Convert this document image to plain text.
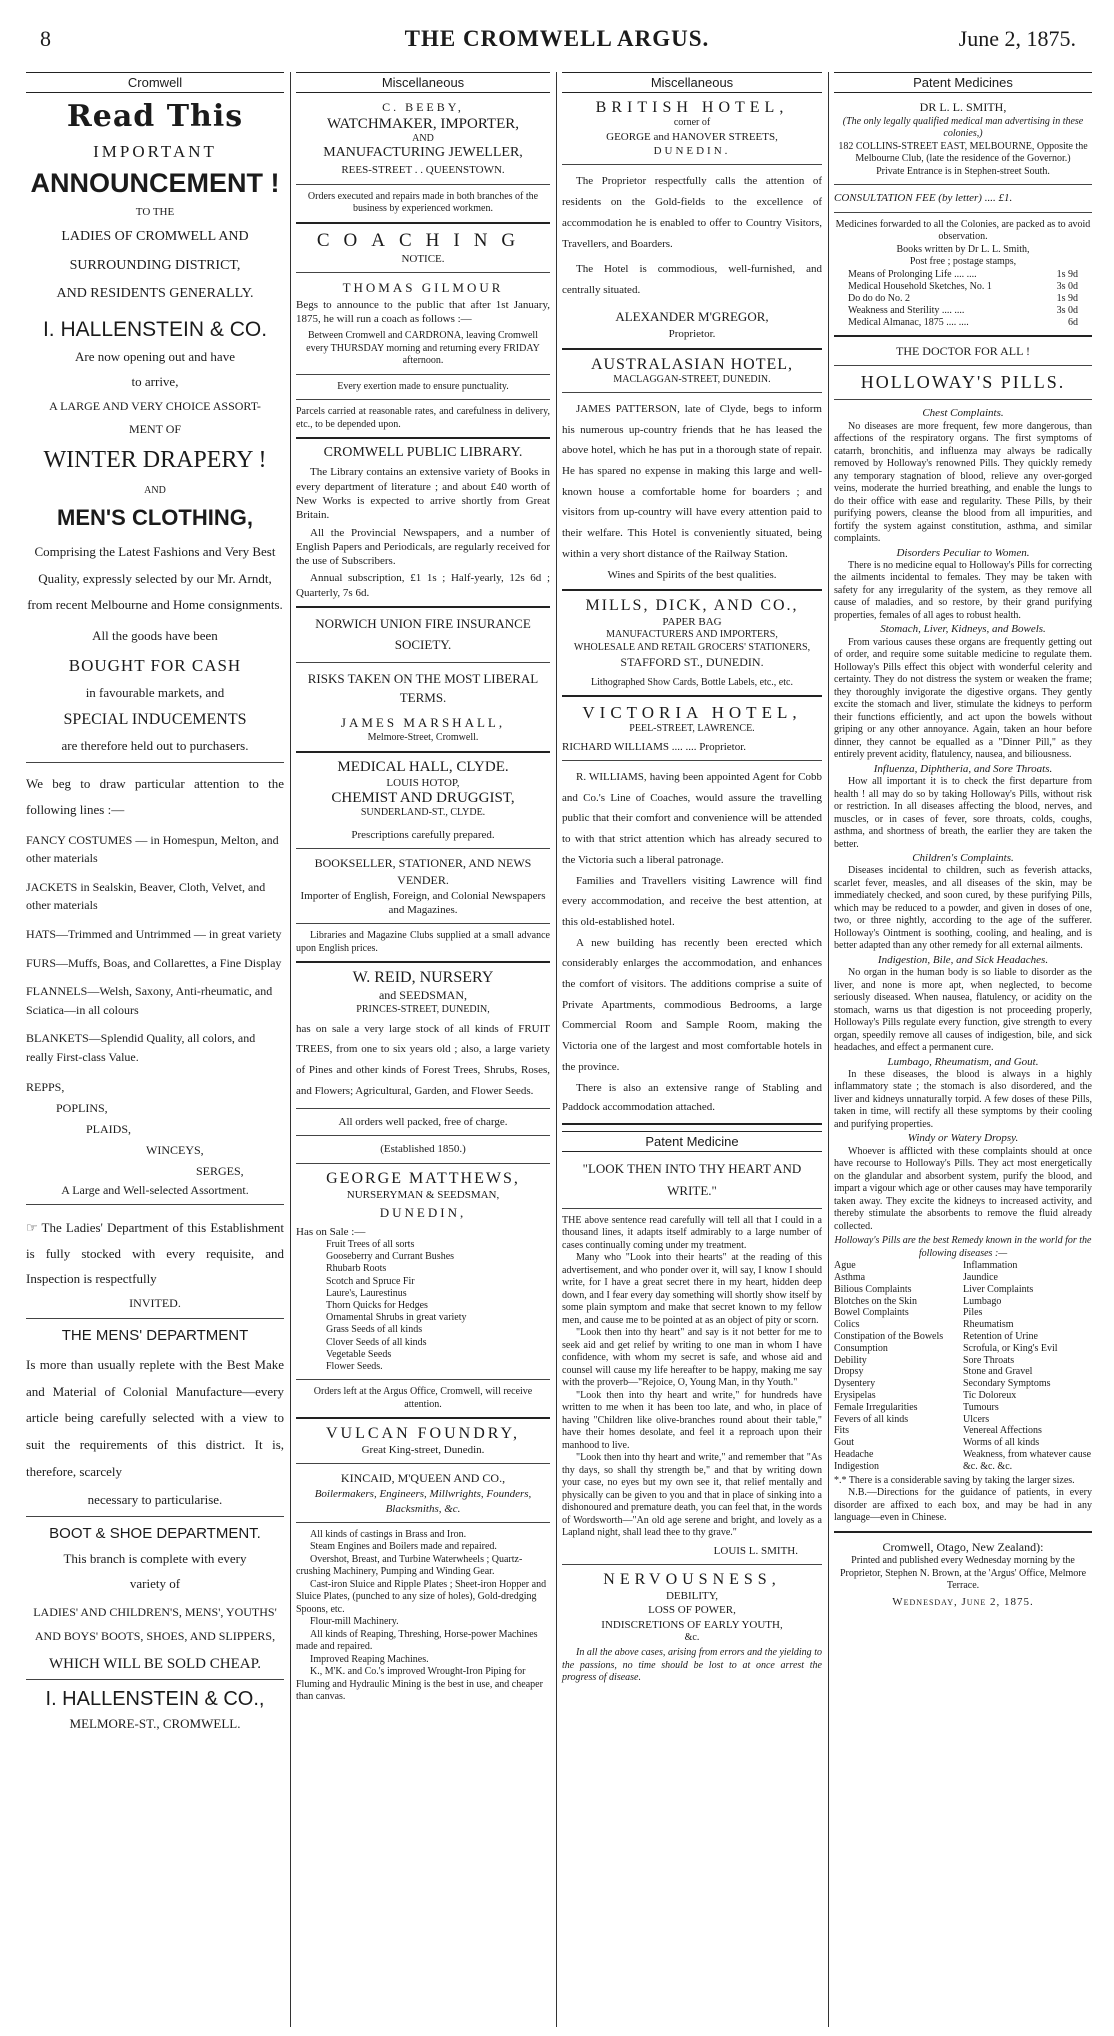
8	THE CROMWELL ARGUS.	June 2, 1875.
Cromwell
Read This
IMPORTANT
ANNOUNCEMENT !
TO THE
LADIES OF CROMWELL AND
SURROUNDING DISTRICT,
AND RESIDENTS GENERALLY.
I. HALLENSTEIN & CO.
Are now opening out and have
to arrive,
A LARGE AND VERY CHOICE ASSORT-
MENT OF
WINTER DRAPERY !
AND
MEN'S CLOTHING,
Comprising the Latest Fashions and Very Best Quality, expressly selected by our Mr. Arndt, from recent Melbourne and Home consignments.
All the goods have been
BOUGHT FOR CASH
in favourable markets, and
SPECIAL INDUCEMENTS
are therefore held out to purchasers.
We beg to draw particular attention to the following lines :—
FANCY COSTUMES — in Homespun, Melton, and other materials
JACKETS in Sealskin, Beaver, Cloth, Velvet, and other materials
HATS—Trimmed and Untrimmed — in great variety
FURS—Muffs, Boas, and Collarettes, a Fine Display
FLANNELS—Welsh, Saxony, Anti-rheumatic, and Sciatica—in all colours
BLANKETS—Splendid Quality, all colors, and really First-class Value.
REPPS,
POPLINS,
PLAIDS,
WINCEYS,
SERGES,
A Large and Well-selected Assortment.
☞ The Ladies' Department of this Establishment is fully stocked with every requisite, and Inspection is respectfully
INVITED.
THE MENS' DEPARTMENT
Is more than usually replete with the Best Make and Material of Colonial Manufacture—every article being carefully selected with a view to suit the requirements of this district. It is, therefore, scarcely
necessary to particularise.
BOOT & SHOE DEPARTMENT.
This branch is complete with every
variety of
LADIES' AND CHILDREN'S, MENS', YOUTHS' AND BOYS' BOOTS, SHOES, AND SLIPPERS,
WHICH WILL BE SOLD CHEAP.
I. HALLENSTEIN & CO.,
MELMORE-ST., CROMWELL.
Miscellaneous
C. BEEBY,
WATCHMAKER, IMPORTER,
AND
MANUFACTURING JEWELLER,
REES-STREET . . QUEENSTOWN.
Orders executed and repairs made in both branches of the business by experienced workmen.
COACHING
NOTICE.
THOMAS GILMOUR
Begs to announce to the public that after 1st January, 1875, he will run a coach as follows :—
Between Cromwell and CARDRONA, leaving Cromwell every THURSDAY morning and returning every FRIDAY afternoon.
Every exertion made to ensure punctuality.
Parcels carried at reasonable rates, and carefulness in delivery, etc., to be depended upon.
CROMWELL PUBLIC LIBRARY.
The Library contains an extensive variety of Books in every department of literature ; and about £40 worth of New Works is expected to arrive shortly from Great Britain.
All the Provincial Newspapers, and a number of English Papers and Periodicals, are regularly received for the use of Subscribers.
Annual subscription, £1 1s ; Half-yearly, 12s 6d ; Quarterly, 7s 6d.
NORWICH UNION FIRE INSURANCE SOCIETY.
RISKS TAKEN ON THE MOST LIBERAL TERMS.
JAMES MARSHALL,
Melmore-Street, Cromwell.
MEDICAL HALL, CLYDE.
LOUIS HOTOP,
CHEMIST AND DRUGGIST,
SUNDERLAND-ST., CLYDE.
Prescriptions carefully prepared.
BOOKSELLER, STATIONER, AND NEWS VENDER.
Importer of English, Foreign, and Colonial Newspapers and Magazines.
Libraries and Magazine Clubs supplied at a small advance upon English prices.
W. REID, NURSERY
and SEEDSMAN,
PRINCES-STREET, DUNEDIN,
has on sale a very large stock of all kinds of FRUIT TREES, from one to six years old ; also, a large variety of Pines and other kinds of Forest Trees, Shrubs, Roses, and Flowers; Agricultural, Garden, and Flower Seeds.
All orders well packed, free of charge.
(Established 1850.)
GEORGE MATTHEWS,
NURSERYMAN & SEEDSMAN,
DUNEDIN,
Has on Sale :—
Fruit Trees of all sorts
Gooseberry and Currant Bushes
Rhubarb Roots
Scotch and Spruce Fir
Laure's, Laurestinus
Thorn Quicks for Hedges
Ornamental Shrubs in great variety
Grass Seeds of all kinds
Clover Seeds of all kinds
Vegetable Seeds
Flower Seeds.
Orders left at the Argus Office, Cromwell, will receive attention.
VULCAN FOUNDRY,
Great King-street, Dunedin.
KINCAID, M'QUEEN AND CO.,
Boilermakers, Engineers, Millwrights, Founders, Blacksmiths, &c.
All kinds of castings in Brass and Iron.
Steam Engines and Boilers made and repaired.
Overshot, Breast, and Turbine Waterwheels ; Quartz-crushing Machinery, Pumping and Winding Gear.
Cast-iron Sluice and Ripple Plates ; Sheet-iron Hopper and Sluice Plates, (punched to any size of holes), Gold-dredging Spoons, etc.
Flour-mill Machinery.
All kinds of Reaping, Threshing, Horse-power Machines made and repaired.
Improved Reaping Machines.
K., M'K. and Co.'s improved Wrought-Iron Piping for Fluming and Hydraulic Mining is the best in use, and cheaper than canvas.
Miscellaneous
BRITISH HOTEL,
corner of
GEORGE and HANOVER STREETS,
DUNEDIN.
The Proprietor respectfully calls the attention of residents on the Gold-fields to the excellence of accommodation he is enabled to offer to Country Visitors, Travellers, and Boarders.
The Hotel is commodious, well-furnished, and centrally situated.
ALEXANDER M'GREGOR,
Proprietor.
AUSTRALASIAN HOTEL,
MACLAGGAN-STREET, DUNEDIN.
JAMES PATTERSON, late of Clyde, begs to inform his numerous up-country friends that he has leased the above hotel, which he has put in a thorough state of repair. He has spared no expense in making this large and well-known house a comfortable home for boarders ; and visitors from up-country will have every attention paid to their welfare. This Hotel is conveniently situated, being within a very short distance of the Railway Station.
Wines and Spirits of the best qualities.
MILLS, DICK, AND CO.,
PAPER BAG
MANUFACTURERS AND IMPORTERS,
WHOLESALE AND RETAIL GROCERS' STATIONERS,
STAFFORD ST., DUNEDIN.
Lithographed Show Cards, Bottle Labels, etc., etc.
VICTORIA HOTEL,
PEEL-STREET, LAWRENCE.
RICHARD WILLIAMS .... .... Proprietor.
R. WILLIAMS, having been appointed Agent for Cobb and Co.'s Line of Coaches, would assure the travelling public that their comfort and convenience will be attended to with that strict attention which has already secured to the Victoria such a liberal patronage.
Families and Travellers visiting Lawrence will find every accommodation, and receive the best attention, at this old-established hotel.
A new building has recently been erected which considerably enlarges the accommodation, and enhances the comfort of visitors. The additions comprise a suite of Private Apartments, commodious Bedrooms, a large Commercial Room and Sample Room, making the Victoria one of the largest and most comfortable hotels in the province.
There is also an extensive range of Stabling and Paddock accommodation attached.
Patent Medicine
"LOOK THEN INTO THY HEART AND WRITE."
THE above sentence read carefully will tell all that I could in a thousand lines, it adapts itself admirably to a large number of cases continually coming under my treatment.
Many who "Look into their hearts" at the reading of this advertisement, and who ponder over it, will say, I know I should write, for I have a great secret there in my heart, hidden deep down, and I fear every day something will shortly show itself by some plain symptom and make that secret known to my fellow men, and cause me to be pointed at as an object of pity or scorn.
"Look then into thy heart" and say is it not better for me to seek aid and get relief by writing to one man in whom I have confidence, with whom my secret is safe, and whose aid and counsel will cause my life hereafter to be happy, making me say with the proverb—"Rejoice, O, Young Man, in thy Youth."
"Look then into thy heart and write," for hundreds have written to me when it has been too late, and who, in place of having "Children like olive-branches round about their table," have their homes desolate, and feel it a reproach upon their manhood to live.
"Look then into thy heart and write," and remember that "As thy days, so shall thy strength be," and that by writing down your case, no eyes but my own see it, that relief mentally and physically can be given to you and that in place of sinking into a dishonoured and premature death, you can feel that, in the words of Wordsworth—"An old age serene and bright, and lovely as a Lapland night, shall lead thee to thy grave."
LOUIS L. SMITH.
NERVOUSNESS,
DEBILITY,
LOSS OF POWER,
INDISCRETIONS OF EARLY YOUTH,
&c.
In all the above cases, arising from errors and the yielding to the passions, no time should be lost to at once arrest the progress of disease.
Patent Medicines
DR L. L. SMITH,
(The only legally qualified medical man advertising in these colonies,)
182 COLLINS-STREET EAST, MELBOURNE, Opposite the Melbourne Club, (late the residence of the Governor.)
Private Entrance is in Stephen-street South.
CONSULTATION FEE (by letter) .... £1.
Medicines forwarded to all the Colonies, are packed as to avoid observation.
Books written by Dr L. L. Smith,
Post free ; postage stamps,
Means of Prolonging Life .... ....	1s 9d
Medical Household Sketches, No. 1	3s 0d
Do do do No. 2	1s 9d
Weakness and Sterility .... ....	3s 0d
Medical Almanac, 1875 .... ....	6d
THE DOCTOR FOR ALL !
HOLLOWAY'S PILLS.
Chest Complaints.
No diseases are more frequent, few more dangerous, than affections of the respiratory organs. The first symptoms of catarrh, bronchitis, and influenza may always be radically removed by Holloway's renowned Pills. They quickly remedy any temporary stagnation of blood, relieve any over-gorged veins, moderate the hurried breathing, and enable the lungs to do their office with ease and regularity. These Pills, by their purifying powers, cleanse the blood from all impurities, and fortify the system against constitution, asthma, and similar complaints.
Disorders Peculiar to Women.
There is no medicine equal to Holloway's Pills for correcting the ailments incidental to females. They may be taken with safety for any irregularity of the system, as they remove all cause of maladies, and so restore, by their grand purifying properties, females of all ages to robust health.
Stomach, Liver, Kidneys, and Bowels.
From various causes these organs are frequently getting out of order, and require some suitable medicine to regulate them. Holloway's Pills effect this object with wonderful celerity and certainty. They do not distress the system or weaken the frame; they thoroughly invigorate the digestive organs. They gently excite the stomach and liver, stimulate the kidneys to perform their functions efficiently, and act upon the bowels without griping or any other annoyance. Again, taken an hour before dinner, they cannot be equalled as a "Dinner Pill," as they entirely prevent acidity, flatulency, nausea, and biliousness.
Influenza, Diphtheria, and Sore Throats.
How all important it is to check the first departure from health ! all may do so by taking Holloway's Pills, without risk or restriction. In all diseases affecting the blood, nerves, and muscles, or in cases of fever, sore throats, colds, coughs, asthma, and shortness of breath, the earlier they are taken the better.
Children's Complaints.
Diseases incidental to children, such as feverish attacks, scarlet fever, measles, and all diseases of the skin, may be immediately checked, and soon cured, by these purifying Pills, which may be reduced to a powder, and given in doses of one, two, or three nightly, according to the age of the sufferer. Holloway's Ointment is soothing, cooling, and healing, and is better adapted than any other remedy for all external ailments.
Indigestion, Bile, and Sick Headaches.
No organ in the human body is so liable to disorder as the liver, and none is more apt, when neglected, to become seriously diseased. When nausea, flatulency, or acidity on the stomach, warns us that digestion is not proceeding properly, Holloway's Pills regulate every function, give strength to every organ, speedily remove all causes of indigestion, bile, and sick headaches, and effect a permanent cure.
Lumbago, Rheumatism, and Gout.
In these diseases, the blood is always in a highly inflammatory state ; the stomach is also disordered, and the liver and kidneys unnaturally torpid. A few doses of these Pills, taken in time, will rectify all these symptoms by their cooling and purifying properties.
Windy or Watery Dropsy.
Whoever is afflicted with these complaints should at once have recourse to Holloway's Pills. They act most energetically on the glandular and absorbent system, purify the blood, and impart a vigour which age or other causes may have temporarily taken away. They excite the kidneys to increased activity, and thereby stimulate the absorbents to remove the fluid already collected.
Holloway's Pills are the best Remedy known in the world for the following diseases :—
Ague	Inflammation
Asthma	Jaundice
Bilious Complaints	Liver Complaints
Blotches on the Skin	Lumbago
Bowel Complaints	Piles
Colics	Rheumatism
Constipation of the Bowels	Retention of Urine
Consumption	Scrofula, or King's Evil
Debility	Sore Throats
Dropsy	Stone and Gravel
Dysentery	Secondary Symptoms
Erysipelas	Tic Doloreux
Female Irregularities	Tumours
Fevers of all kinds	Ulcers
Fits	Venereal Affections
Gout	Worms of all kinds
Headache	Weakness, from whatever cause
Indigestion	&c. &c. &c.
*.* There is a considerable saving by taking the larger sizes.
N.B.—Directions for the guidance of patients, in every disorder are affixed to each box, and may be had in any language—even in Chinese.
Cromwell, Otago, New Zealand):
Printed and published every Wednesday morning by the Proprietor, Stephen N. Brown, at the 'Argus' Office, Melmore Terrace.
Wednesday, June 2, 1875.
